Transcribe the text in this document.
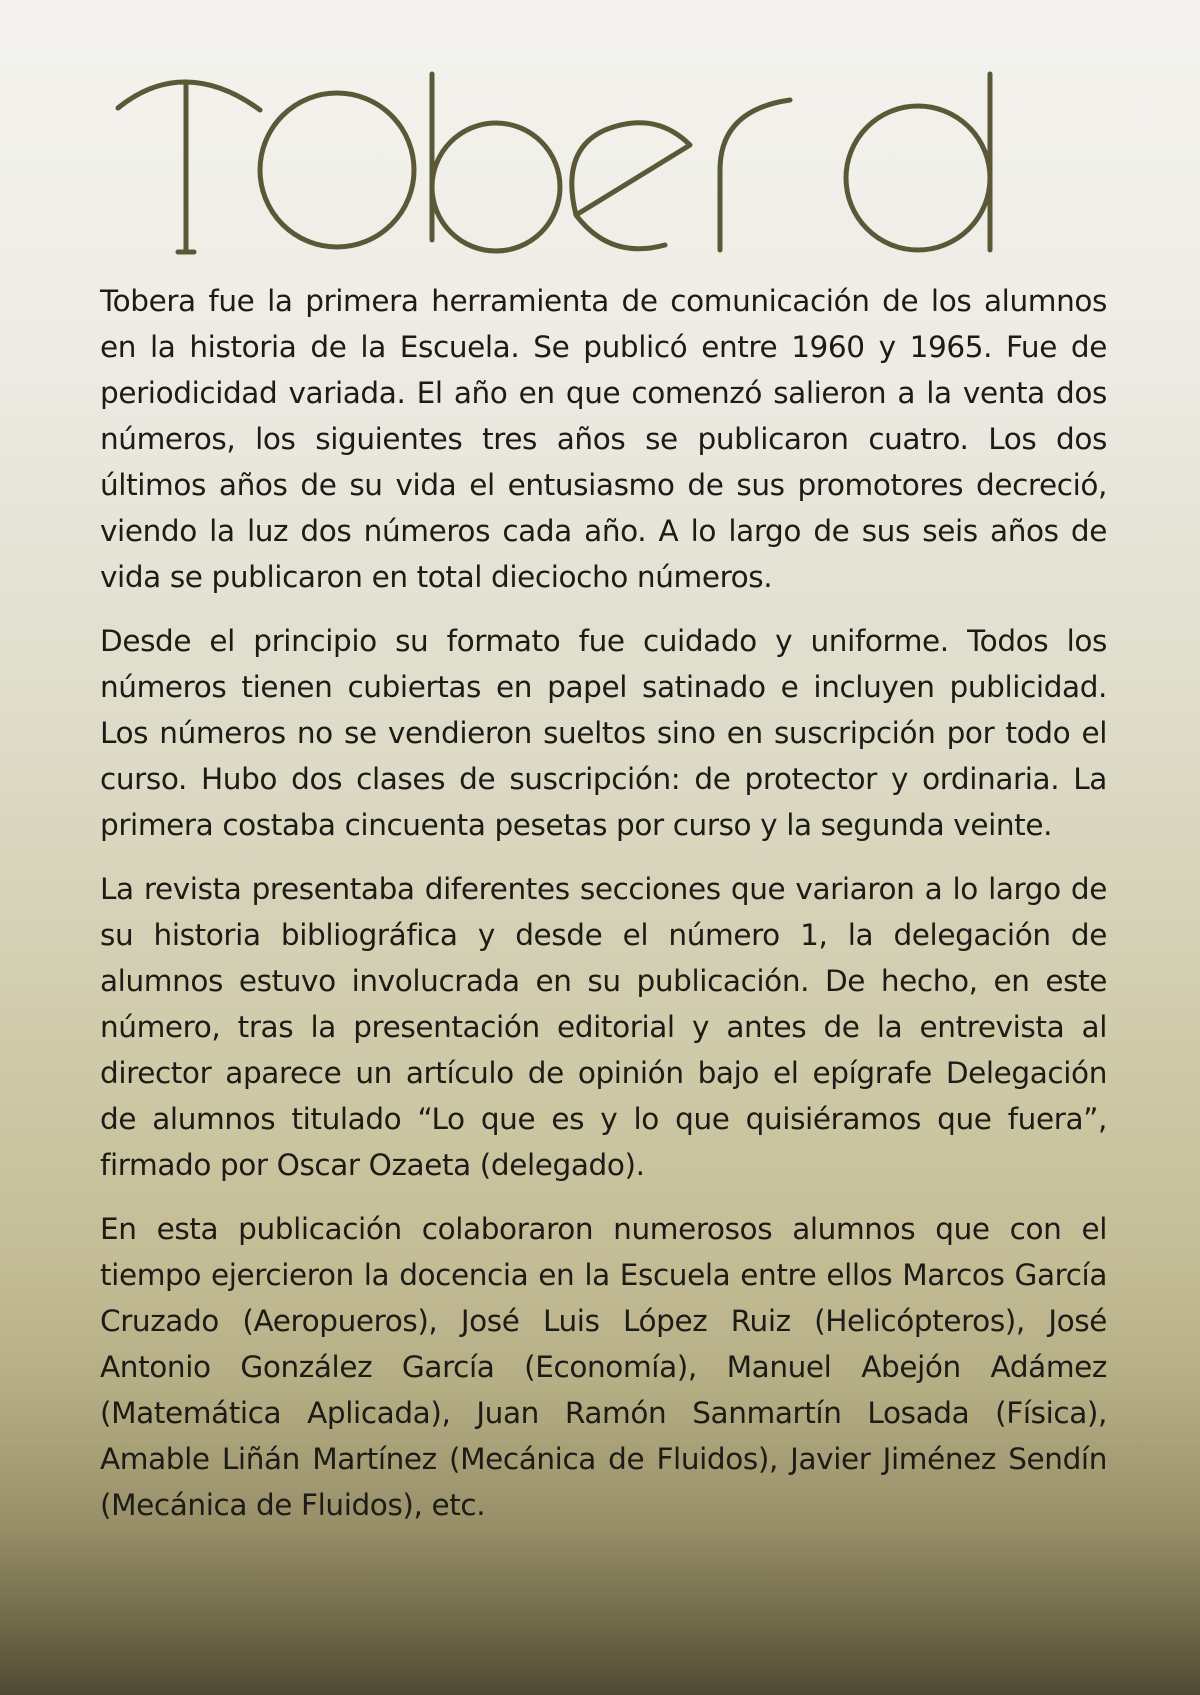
Tobera fue la primera herramienta de comunicación de los alumnos en la historia de la Escuela. Se publicó entre 1960 y 1965. Fue de periodicidad variada. El año en que comenzó salieron a la venta dos números, los siguientes tres años se publicaron cuatro. Los dos últimos años de su vida el entusiasmo de sus promotores decreció, viendo la luz dos números cada año. A lo largo de sus seis años de vida se publicaron en total dieciocho números.

Desde el principio su formato fue cuidado y uniforme. Todos los números tienen cubiertas en papel satinado e incluyen publicidad. Los números no se vendieron sueltos sino en suscripción por todo el curso. Hubo dos clases de suscripción: de protector y ordinaria. La primera costaba cincuenta pesetas por curso y la segunda veinte.

La revista presentaba diferentes secciones que variaron a lo largo de su historia bibliográfica y desde el número 1, la delegación de alumnos estuvo involucrada en su publicación. De hecho, en este número, tras la presentación editorial y antes de la entrevista al director aparece un artículo de opinión bajo el epígrafe Delegación de alumnos titulado “Lo que es y lo que quisiéramos que fuera”, firmado por Oscar Ozaeta (delegado).

En esta publicación colaboraron numerosos alumnos que con el tiempo ejercieron la docencia en la Escuela entre ellos Marcos García Cruzado (Aeropueros), José Luis López Ruiz (Helicópteros), José Antonio González García (Economía), Manuel Abejón Adámez (Matemática Aplicada), Juan Ramón Sanmartín Losada (Física), Amable Liñán Martínez (Mecánica de Fluidos), Javier Jiménez Sendín (Mecánica de Fluidos), etc.
